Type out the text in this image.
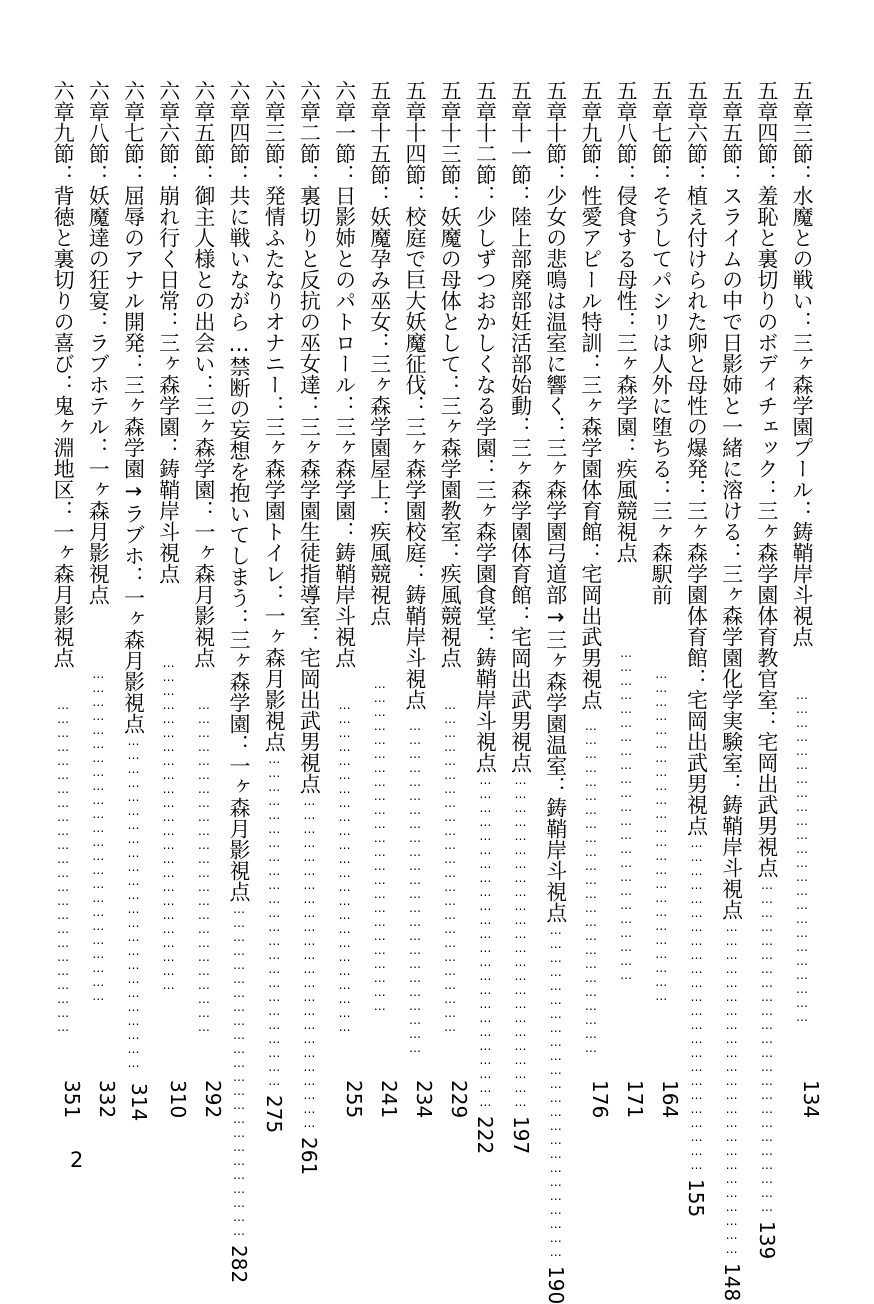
五章三節：水魔との戦い：三ヶ森学園プール：鋳鞘岸斗視点
………………………………………………………………
134
五章四節：羞恥と裏切りのボディチェック：三ヶ森学園体育教官室：宅岡出武男視点
………………………………………………………………
139
五章五節：スライムの中で日影姉と一緒に溶ける：三ヶ森学園化学実験室：鋳鞘岸斗視点
………………………………………………………………
148
五章六節：植え付けられた卵と母性の爆発：三ヶ森学園体育館：宅岡出武男視点
………………………………………………………………
155
五章七節：そうしてパシリは人外に堕ちる：三ヶ森駅前
………………………………………………………………
164
五章八節：侵食する母性：三ヶ森学園：疾風競視点
………………………………………………………………
171
五章九節：性愛アピール特訓：三ヶ森学園体育館：宅岡出武男視点
………………………………………………………………
176
五章十節：少女の悲鳴は温室に響く：三ヶ森学園弓道部→三ヶ森学園温室：鋳鞘岸斗視点
………………………………………………………………
190
五章十一節：陸上部廃部妊活部始動：三ヶ森学園体育館：宅岡出武男視点
………………………………………………………………
197
五章十二節：少しずつおかしくなる学園：三ヶ森学園食堂：鋳鞘岸斗視点
………………………………………………………………
222
五章十三節：妖魔の母体として：三ヶ森学園教室：疾風競視点
………………………………………………………………
229
五章十四節：校庭で巨大妖魔征伐：三ヶ森学園校庭：鋳鞘岸斗視点
………………………………………………………………
234
五章十五節：妖魔孕み巫女：三ヶ森学園屋上：疾風競視点
………………………………………………………………
241
六章一節：日影姉とのパトロール：三ヶ森学園：鋳鞘岸斗視点
………………………………………………………………
255
六章二節：裏切りと反抗の巫女達：三ヶ森学園生徒指導室：宅岡出武男視点
………………………………………………………………
261
六章三節：発情ふたなりオナニー：三ヶ森学園トイレ：一ヶ森月影視点
………………………………………………………………
275
六章四節：共に戦いながら…禁断の妄想を抱いてしまう：三ヶ森学園：一ヶ森月影視点
………………………………………………………………
282
六章五節：御主人様との出会い：三ヶ森学園：一ヶ森月影視点
………………………………………………………………
292
六章六節：崩れ行く日常：三ヶ森学園：鋳鞘岸斗視点
………………………………………………………………
310
六章七節：屈辱のアナル開発：三ヶ森学園→ラブホ：一ヶ森月影視点
………………………………………………………………
314
六章八節：妖魔達の狂宴：ラブホテル：一ヶ森月影視点
………………………………………………………………
332
六章九節：背徳と裏切りの喜び：鬼ヶ淵地区：一ヶ森月影視点
………………………………………………………………
351
2
